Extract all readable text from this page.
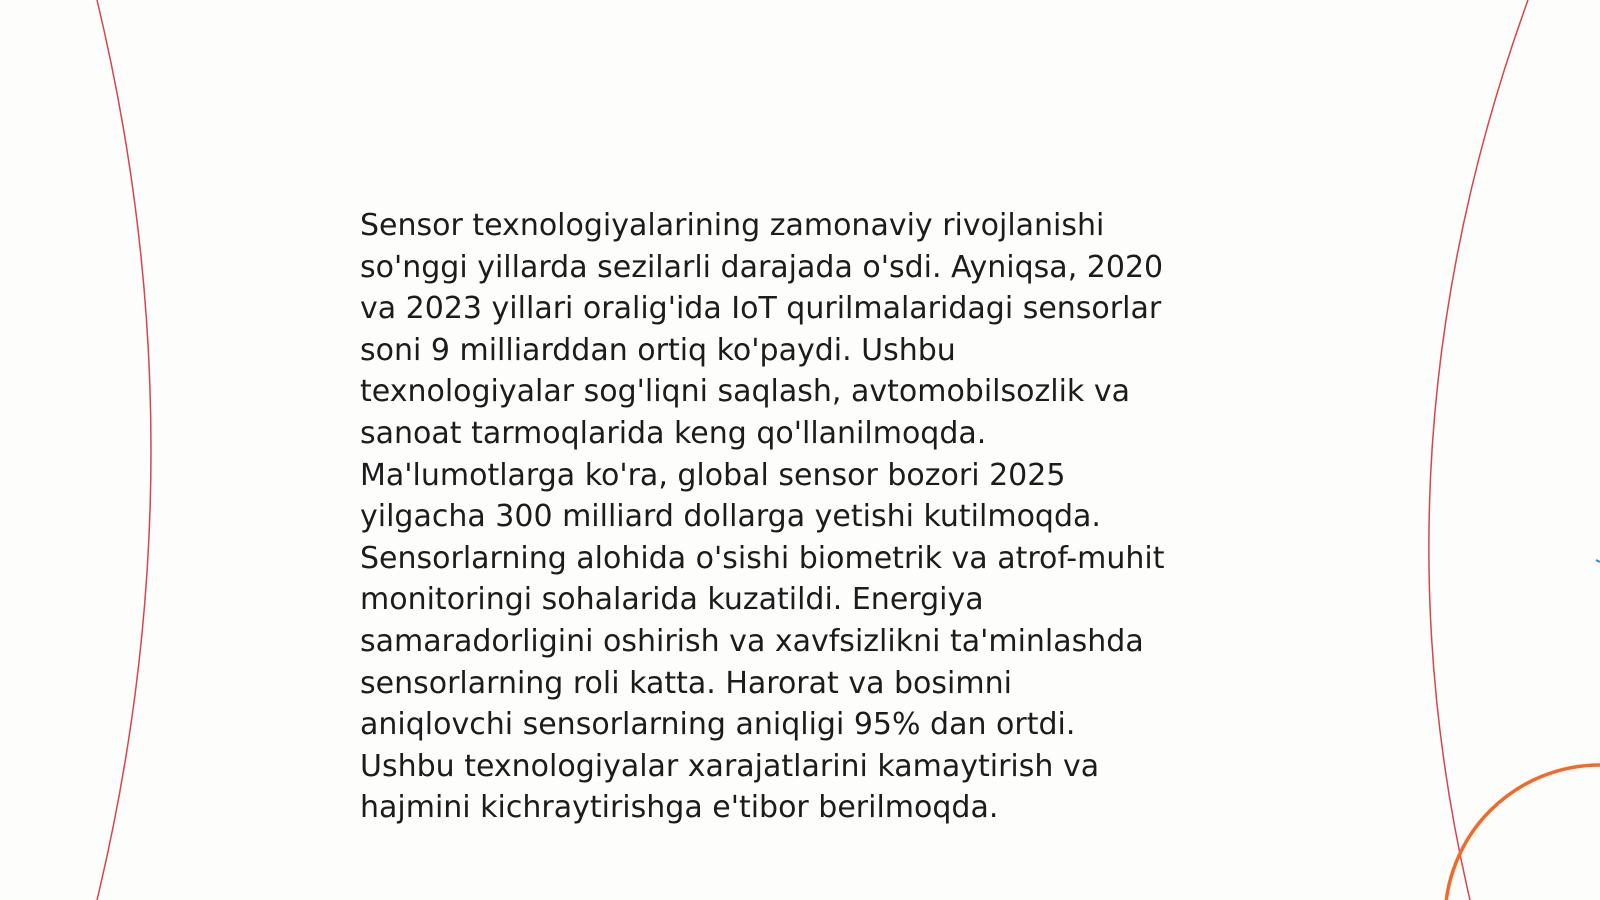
Sensor texnologiyalarining zamonaviy rivojlanishi
so'nggi yillarda sezilarli darajada o'sdi. Ayniqsa, 2020
va 2023 yillari oralig'ida IoT qurilmalaridagi sensorlar
soni 9 milliarddan ortiq ko'paydi. Ushbu
texnologiyalar sog'liqni saqlash, avtomobilsozlik va
sanoat tarmoqlarida keng qo'llanilmoqda.
Ma'lumotlarga ko'ra, global sensor bozori 2025
yilgacha 300 milliard dollarga yetishi kutilmoqda.
Sensorlarning alohida o'sishi biometrik va atrof-muhit
monitoringi sohalarida kuzatildi. Energiya
samaradorligini oshirish va xavfsizlikni ta'minlashda
sensorlarning roli katta. Harorat va bosimni
aniqlovchi sensorlarning aniqligi 95% dan ortdi.
Ushbu texnologiyalar xarajatlarini kamaytirish va
hajmini kichraytirishga e'tibor berilmoqda.
